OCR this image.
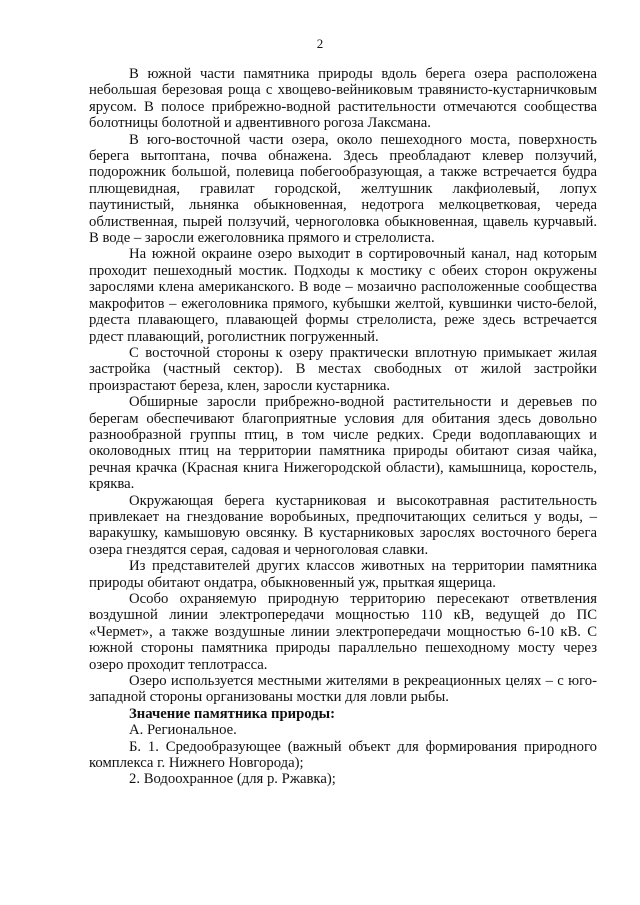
2

В южной части памятника природы вдоль берега озера расположена небольшая березовая роща с хвощево-вейниковым травянисто-кустарничковым ярусом. В полосе прибрежно-водной растительности отмечаются сообщества болотницы болотной и адвентивного рогоза Лаксмана.

В юго-восточной части озера, около пешеходного моста, поверхность берега вытоптана, почва обнажена. Здесь преобладают клевер ползучий, подорожник большой, полевица побегообразующая, а также встречается будра плющевидная, гравилат городской, желтушник лакфиолевый, лопух паутинистый, льнянка обыкновенная, недотрога мелкоцветковая, череда облиственная, пырей ползучий, черноголовка обыкновенная, щавель курчавый. В воде – заросли ежеголовника прямого и стрелолиста.

На южной окраине озеро выходит в сортировочный канал, над которым проходит пешеходный мостик. Подходы к мостику с обеих сторон окружены зарослями клена американского. В воде – мозаично расположенные сообщества макрофитов – ежеголовника прямого, кубышки желтой, кувшинки чисто-белой, рдеста плавающего, плавающей формы стрелолиста, реже здесь встречается рдест плавающий, роголистник погруженный.

С восточной стороны к озеру практически вплотную примыкает жилая застройка (частный сектор). В местах свободных от жилой застройки произрастают береза, клен, заросли кустарника.

Обширные заросли прибрежно-водной растительности и деревьев по берегам обеспечивают благоприятные условия для обитания здесь довольно разнообразной группы птиц, в том числе редких. Среди водоплавающих и околоводных птиц на территории памятника природы обитают сизая чайка, речная крачка (Красная книга Нижегородской области), камышница, коростель, кряква.

Окружающая берега кустарниковая и высокотравная растительность привлекает на гнездование воробьиных, предпочитающих селиться у воды, – варакушку, камышовую овсянку. В кустарниковых зарослях восточного берега озера гнездятся серая, садовая и черноголовая славки.

Из представителей других классов животных на территории памятника природы обитают ондатра, обыкновенный уж, прыткая ящерица.

Особо охраняемую природную территорию пересекают ответвления воздушной линии электропередачи мощностью 110 кВ, ведущей до ПС «Чермет», а также воздушные линии электропередачи мощностью 6-10 кВ. С южной стороны памятника природы параллельно пешеходному мосту через озеро проходит теплотрасса.

Озеро используется местными жителями в рекреационных целях – с юго-западной стороны организованы мостки для ловли рыбы.

Значение памятника природы:

А. Региональное.

Б. 1. Средообразующее (важный объект для формирования природного комплекса г. Нижнего Новгорода);

2. Водоохранное (для р. Ржавка);
